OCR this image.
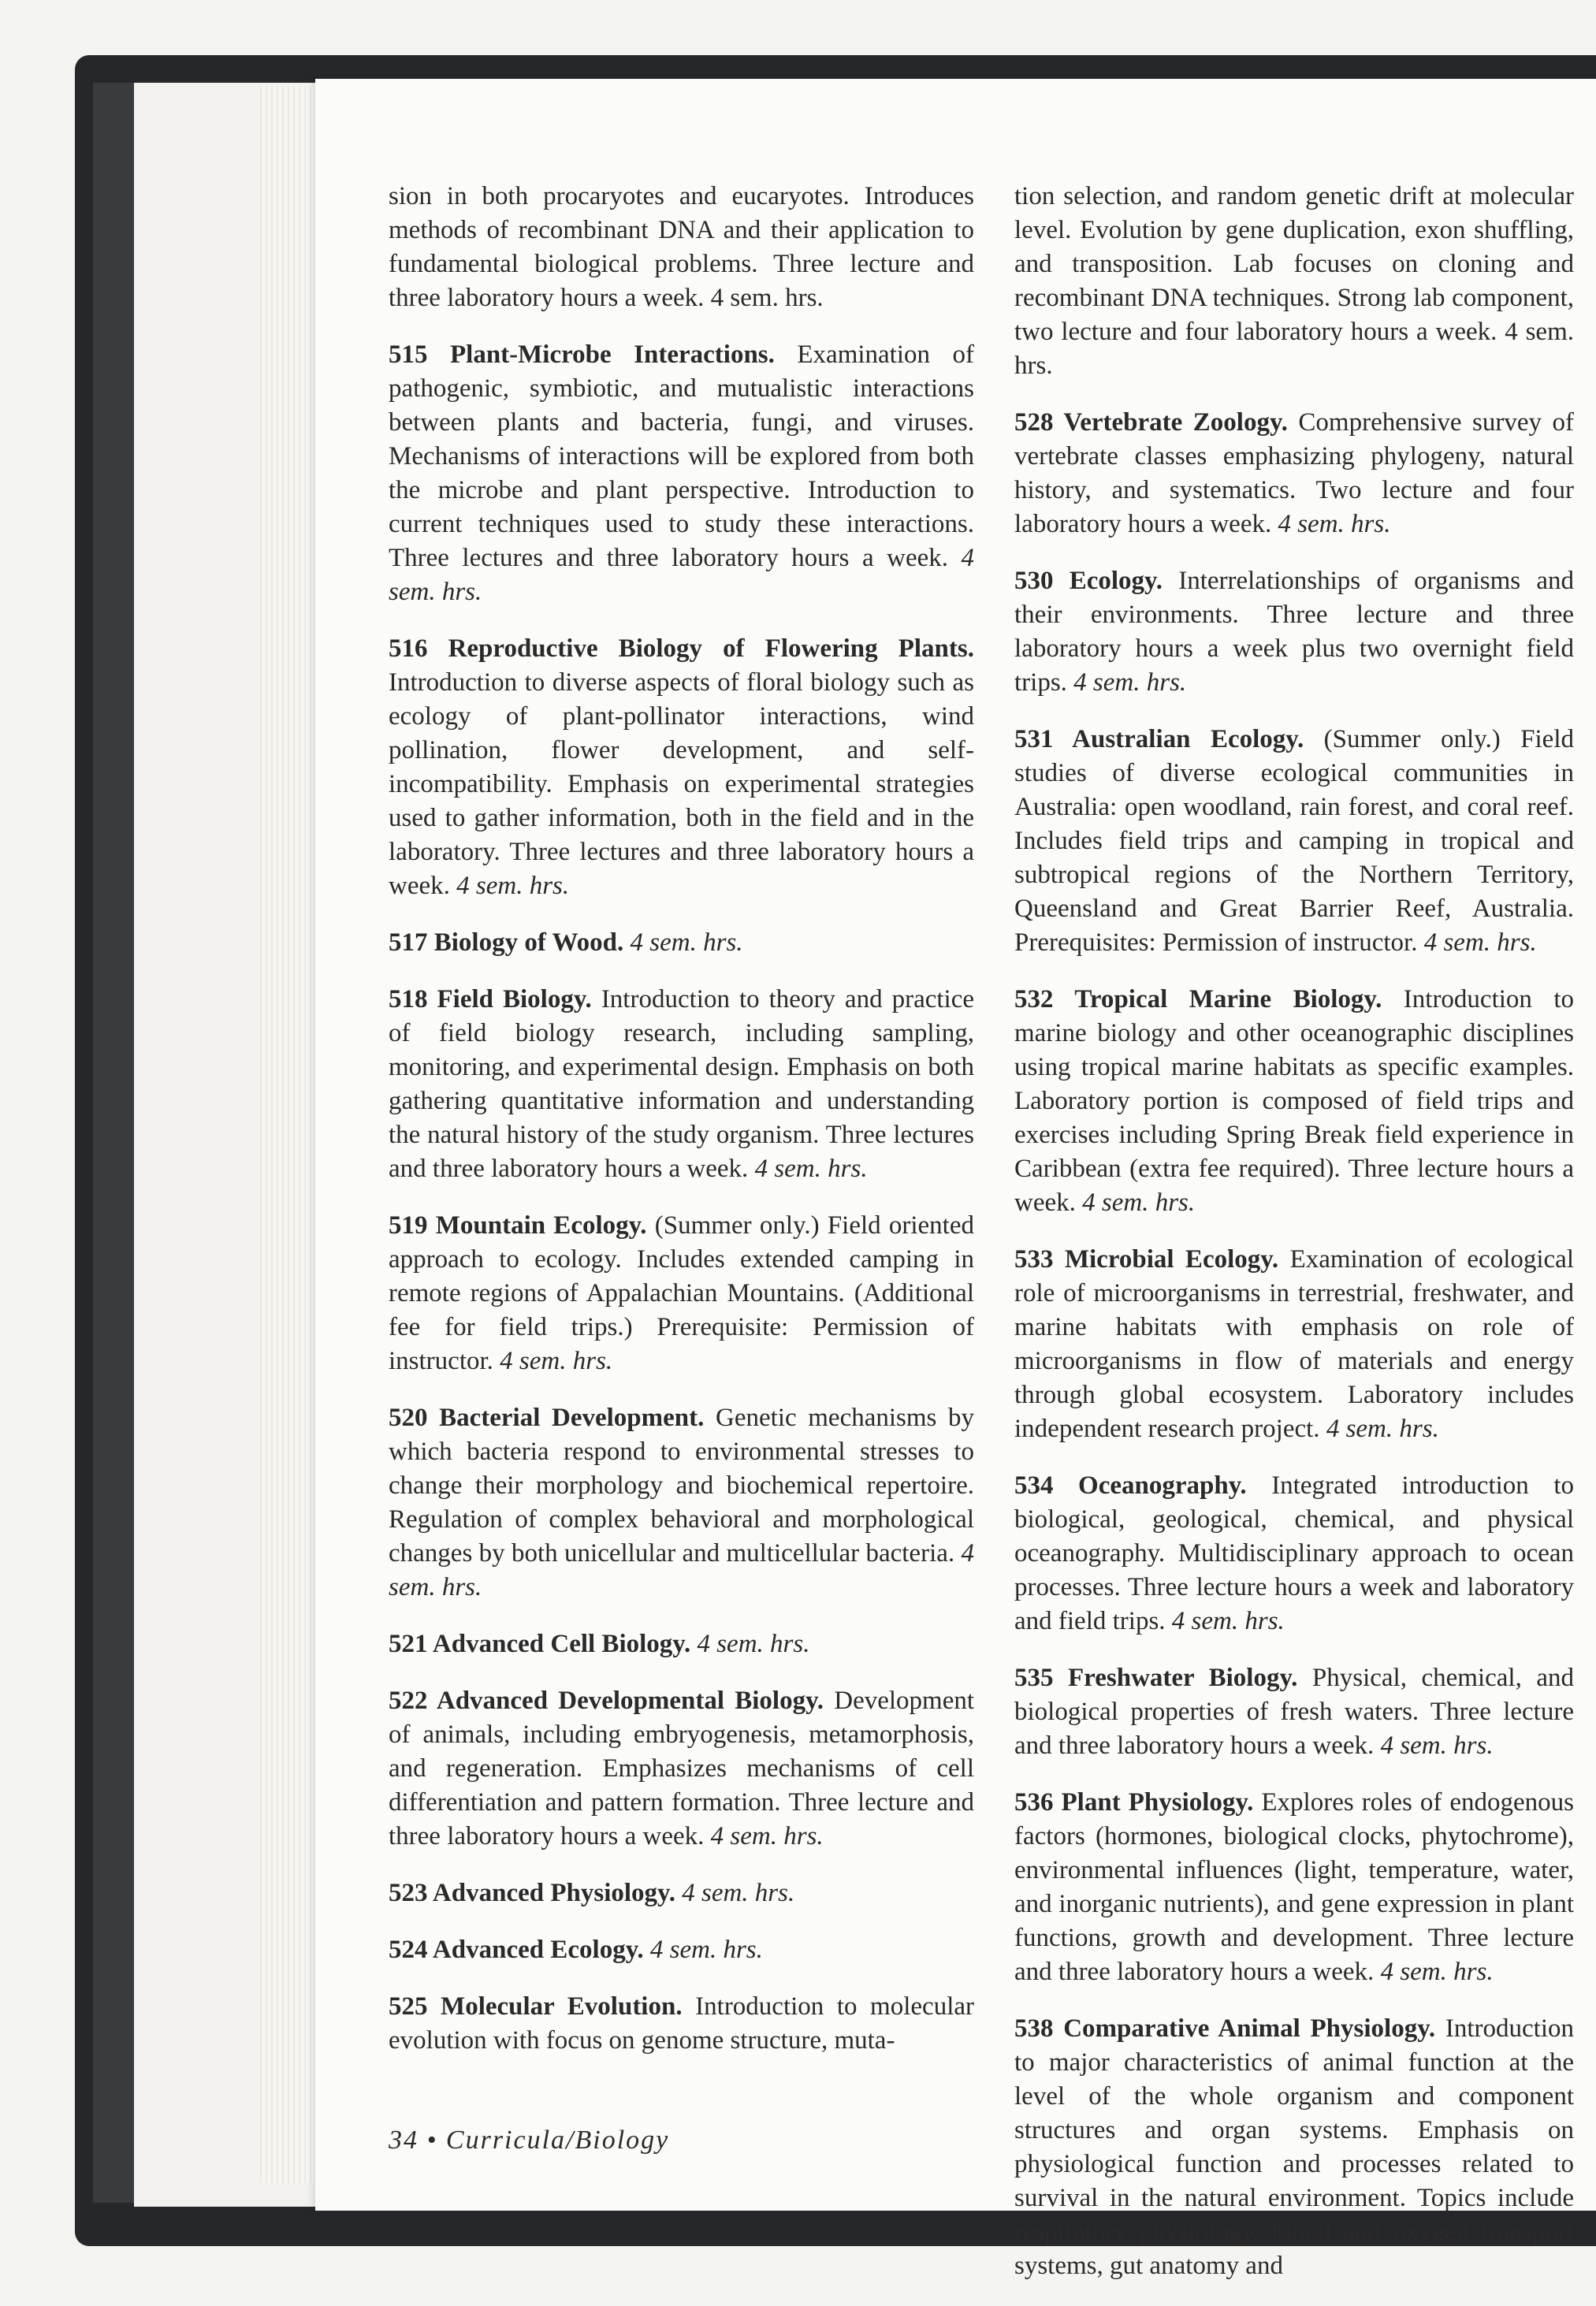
sion in both procaryotes and eucaryotes. Introduces methods of recombinant DNA and their application to fundamental biological problems. Three lecture and three laboratory hours a week. 4 sem. hrs.

515 Plant-Microbe Interactions. Examination of pathogenic, symbiotic, and mutualistic interactions between plants and bacteria, fungi, and viruses. Mechanisms of interactions will be explored from both the microbe and plant perspective. Introduction to current techniques used to study these interactions. Three lectures and three laboratory hours a week. 4 sem. hrs.

516 Reproductive Biology of Flowering Plants. Introduction to diverse aspects of floral biology such as ecology of plant-pollinator interactions, wind pollination, flower development, and self-incompatibility. Emphasis on experimental strategies used to gather information, both in the field and in the laboratory. Three lectures and three laboratory hours a week. 4 sem. hrs.

517 Biology of Wood. 4 sem. hrs.

518 Field Biology. Introduction to theory and practice of field biology research, including sampling, monitoring, and experimental design. Emphasis on both gathering quantitative information and understanding the natural history of the study organism. Three lectures and three laboratory hours a week. 4 sem. hrs.

519 Mountain Ecology. (Summer only.) Field oriented approach to ecology. Includes extended camping in remote regions of Appalachian Mountains. (Additional fee for field trips.) Prerequisite: Permission of instructor. 4 sem. hrs.

520 Bacterial Development. Genetic mechanisms by which bacteria respond to environmental stresses to change their morphology and biochemical repertoire. Regulation of complex behavioral and morphological changes by both unicellular and multicellular bacteria. 4 sem. hrs.

521 Advanced Cell Biology. 4 sem. hrs.

522 Advanced Developmental Biology. Development of animals, including embryogenesis, metamorphosis, and regeneration. Emphasizes mechanisms of cell differentiation and pattern formation. Three lecture and three laboratory hours a week. 4 sem. hrs.

523 Advanced Physiology. 4 sem. hrs.

524 Advanced Ecology. 4 sem. hrs.

525 Molecular Evolution. Introduction to molecular evolution with focus on genome structure, muta-

tion selection, and random genetic drift at molecular level. Evolution by gene duplication, exon shuffling, and transposition. Lab focuses on cloning and recombinant DNA techniques. Strong lab component, two lecture and four laboratory hours a week. 4 sem. hrs.

528 Vertebrate Zoology. Comprehensive survey of vertebrate classes emphasizing phylogeny, natural history, and systematics. Two lecture and four laboratory hours a week. 4 sem. hrs.

530 Ecology. Interrelationships of organisms and their environments. Three lecture and three laboratory hours a week plus two overnight field trips. 4 sem. hrs.

531 Australian Ecology. (Summer only.) Field studies of diverse ecological communities in Australia: open woodland, rain forest, and coral reef. Includes field trips and camping in tropical and subtropical regions of the Northern Territory, Queensland and Great Barrier Reef, Australia. Prerequisites: Permission of instructor. 4 sem. hrs.

532 Tropical Marine Biology. Introduction to marine biology and other oceanographic disciplines using tropical marine habitats as specific examples. Laboratory portion is composed of field trips and exercises including Spring Break field experience in Caribbean (extra fee required). Three lecture hours a week. 4 sem. hrs.

533 Microbial Ecology. Examination of ecological role of microorganisms in terrestrial, freshwater, and marine habitats with emphasis on role of microorganisms in flow of materials and energy through global ecosystem. Laboratory includes independent research project. 4 sem. hrs.

534 Oceanography. Integrated introduction to biological, geological, chemical, and physical oceanography. Multidisciplinary approach to ocean processes. Three lecture hours a week and laboratory and field trips. 4 sem. hrs.

535 Freshwater Biology. Physical, chemical, and biological properties of fresh waters. Three lecture and three laboratory hours a week. 4 sem. hrs.

536 Plant Physiology. Explores roles of endogenous factors (hormones, biological clocks, phytochrome), environmental influences (light, temperature, water, and inorganic nutrients), and gene expression in plant functions, growth and development. Three lecture and three laboratory hours a week. 4 sem. hrs.

538 Comparative Animal Physiology. Introduction to major characteristics of animal function at the level of the whole organism and component structures and organ systems. Emphasis on physiological function and processes related to survival in the natural environment. Topics include respiratory physiology, blood and oxygen transport systems, gut anatomy and

34 • Curricula/Biology
